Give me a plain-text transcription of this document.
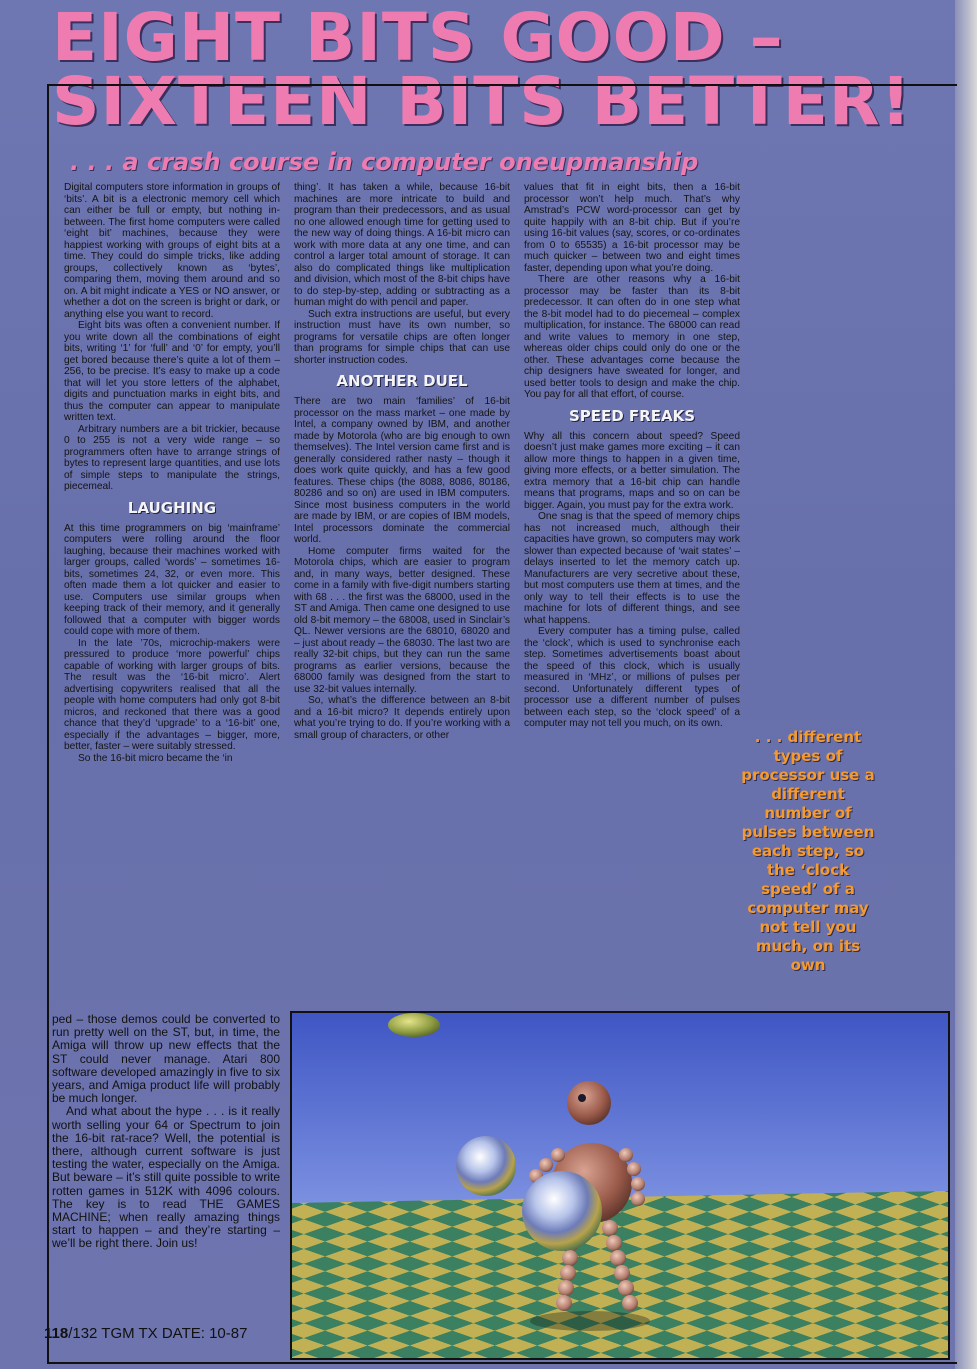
EIGHT BITS GOOD –
SIXTEEN BITS BETTER!

. . . a crash course in computer oneupmanship

Digital computers store information in groups of ‘bits’. A bit is a electronic memory cell which can either be full or empty, but nothing in-between. The first home computers were called ‘eight bit’ machines, because they were happiest working with groups of eight bits at a time. They could do simple tricks, like adding groups, collectively known as ‘bytes’, comparing them, moving them around and so on. A bit might indicate a YES or NO answer, or whether a dot on the screen is bright or dark, or anything else you want to record.

Eight bits was often a convenient number. If you write down all the combinations of eight bits, writing ‘1’ for ‘full’ and ‘0’ for empty, you’ll get bored because there’s quite a lot of them – 256, to be precise. It’s easy to make up a code that will let you store letters of the alphabet, digits and punctuation marks in eight bits, and thus the computer can appear to manipulate written text.

Arbitrary numbers are a bit trickier, because 0 to 255 is not a very wide range – so programmers often have to arrange strings of bytes to represent large quantities, and use lots of simple steps to manipulate the strings, piecemeal.

LAUGHING

At this time programmers on big ‘mainframe’ computers were rolling around the floor laughing, because their machines worked with larger groups, called ‘words’ – sometimes 16-bits, sometimes 24, 32, or even more. This often made them a lot quicker and easier to use. Computers use similar groups when keeping track of their memory, and it generally followed that a computer with bigger words could cope with more of them.

In the late ’70s, microchip-makers were pressured to produce ‘more powerful’ chips capable of working with larger groups of bits. The result was the ‘16-bit micro’. Alert advertising copywriters realised that all the people with home computers had only got 8-bit micros, and reckoned that there was a good chance that they’d ‘upgrade’ to a ‘16-bit’ one, especially if the advantages – bigger, more, better, faster – were suitably stressed.

So the 16-bit micro became the ‘in

thing’. It has taken a while, because 16-bit machines are more intricate to build and program than their predecessors, and as usual no one allowed enough time for getting used to the new way of doing things. A 16-bit micro can work with more data at any one time, and can control a larger total amount of storage. It can also do complicated things like multiplication and division, which most of the 8-bit chips have to do step-by-step, adding or subtracting as a human might do with pencil and paper.

Such extra instructions are useful, but every instruction must have its own number, so programs for versatile chips are often longer than programs for simple chips that can use shorter instruction codes.

ANOTHER DUEL

There are two main ‘families’ of 16-bit processor on the mass market – one made by Intel, a company owned by IBM, and another made by Motorola (who are big enough to own themselves). The Intel version came first and is generally considered rather nasty – though it does work quite quickly, and has a few good features. These chips (the 8088, 8086, 80186, 80286 and so on) are used in IBM computers. Since most business computers in the world are made by IBM, or are copies of IBM models, Intel processors dominate the commercial world.

Home computer firms waited for the Motorola chips, which are easier to program and, in many ways, better designed. These come in a family with five-digit numbers starting with 68 . . . the first was the 68000, used in the ST and Amiga. Then came one designed to use old 8-bit memory – the 68008, used in Sinclair’s QL. Newer versions are the 68010, 68020 and – just about ready – the 68030. The last two are really 32-bit chips, but they can run the same programs as earlier versions, because the 68000 family was designed from the start to use 32-bit values internally.

So, what’s the difference between an 8-bit and a 16-bit micro? It depends entirely upon what you’re trying to do. If you’re working with a small group of characters, or other

values that fit in eight bits, then a 16-bit processor won’t help much. That’s why Amstrad’s PCW word-processor can get by quite happily with an 8-bit chip. But if you’re using 16-bit values (say, scores, or co-ordinates from 0 to 65535) a 16-bit processor may be much quicker – between two and eight times faster, depending upon what you’re doing.

There are other reasons why a 16-bit processor may be faster than its 8-bit predecessor. It can often do in one step what the 8-bit model had to do piecemeal – complex multiplication, for instance. The 68000 can read and write values to memory in one step, whereas older chips could only do one or the other. These advantages come because the chip designers have sweated for longer, and used better tools to design and make the chip. You pay for all that effort, of course.

SPEED FREAKS

Why all this concern about speed? Speed doesn’t just make games more exciting – it can allow more things to happen in a given time, giving more effects, or a better simulation. The extra memory that a 16-bit chip can handle means that programs, maps and so on can be bigger. Again, you must pay for the extra work.

One snag is that the speed of memory chips has not increased much, although their capacities have grown, so computers may work slower than expected because of ‘wait states’ – delays inserted to let the memory catch up. Manufacturers are very secretive about these, but most computers use them at times, and the only way to tell their effects is to use the machine for lots of different things, and see what happens.

Every computer has a timing pulse, called the ‘clock’, which is used to synchronise each step. Sometimes advertisements boast about the speed of this clock, which is usually measured in ‘MHz’, or millions of pulses per second. Unfortunately different types of processor use a different number of pulses between each step, so the ‘clock speed’ of a computer may not tell you much, on its own.

. . . different types of processor use a different number of pulses between each step, so the ‘clock speed’ of a computer may not tell you much, on its own

ped – those demos could be converted to run pretty well on the ST, but, in time, the Amiga will throw up new effects that the ST could never manage. Atari 800 software developed amazingly in five to six years, and Amiga product life will probably be much longer.

And what about the hype . . . is it really worth selling your 64 or Spectrum to join the 16-bit rat-race? Well, the potential is there, although current software is just testing the water, especially on the Amiga. But beware – it’s still quite possible to write rotten games in 512K with 4096 colours. The key is to read THE GAMES MACHINE; when really amazing things start to happen – and they’re starting – we’ll be right there. Join us!

118/132 TGM TX DATE: 10-87
